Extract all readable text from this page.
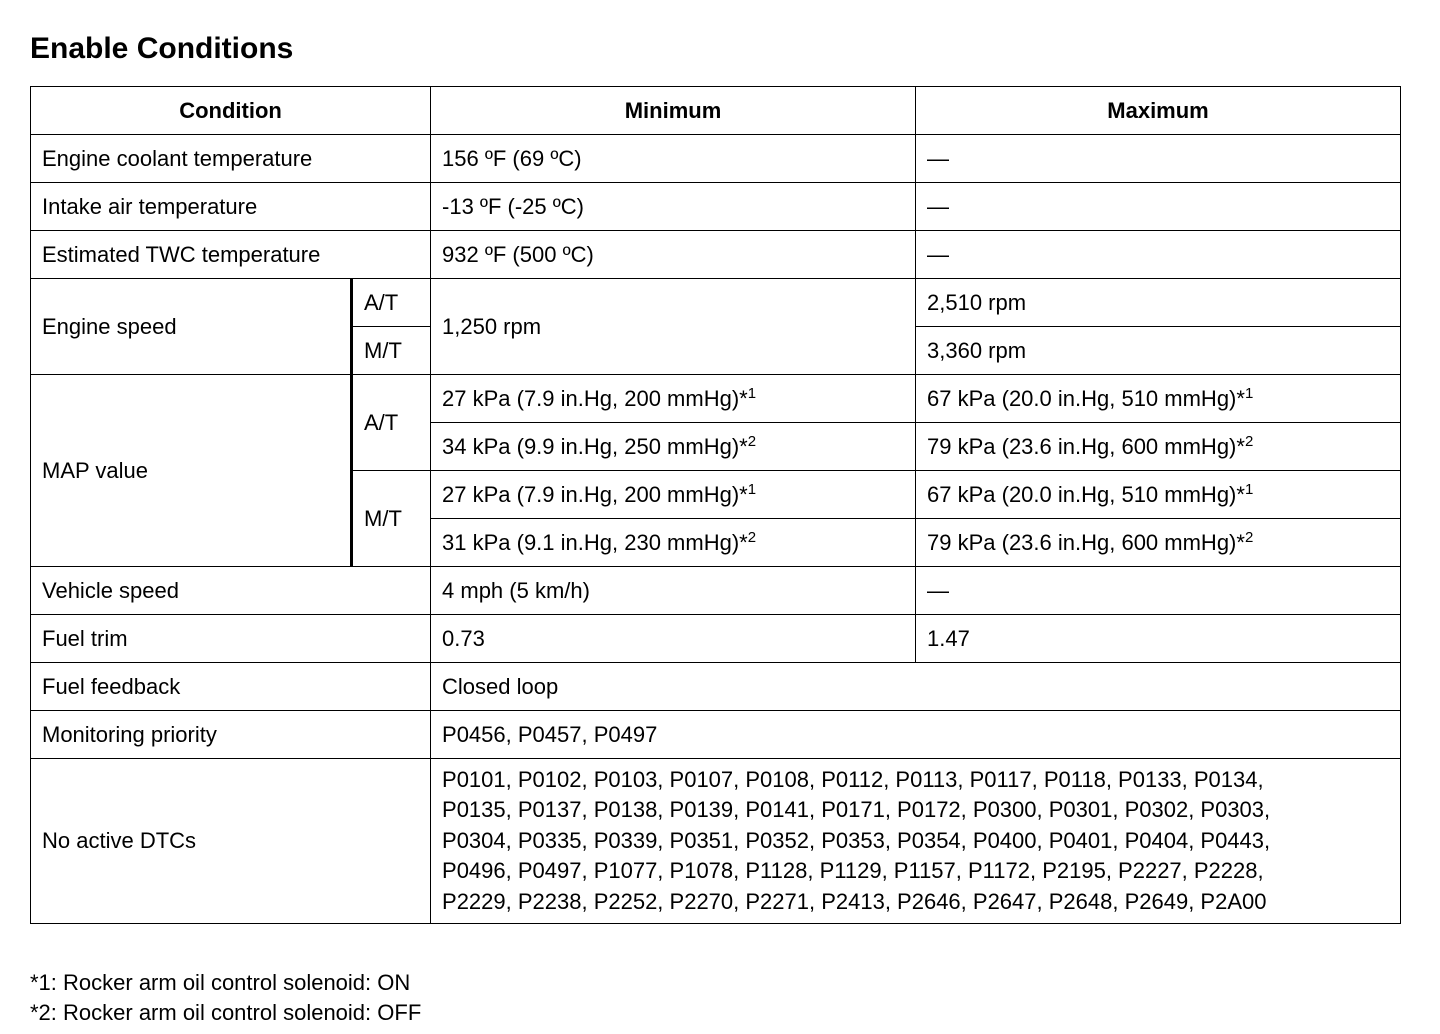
Enable Conditions
Condition		Minimum	Maximum
Engine coolant temperature		156 ºF (69 ºC)	—
Intake air temperature		-13 ºF (-25 ºC)	—
Estimated TWC temperature		932 ºF (500 ºC)	—
Engine speed	A/T	1,250 rpm	2,510 rpm
	M/T		3,360 rpm
MAP value	A/T	27 kPa (7.9 in.Hg, 200 mmHg)*$^1$	67 kPa (20.0 in.Hg, 510 mmHg)*$^1$
		34 kPa (9.9 in.Hg, 250 mmHg)*$^2$	79 kPa (23.6 in.Hg, 600 mmHg)*$^2$
	M/T	27 kPa (7.9 in.Hg, 200 mmHg)*$^1$	67 kPa (20.0 in.Hg, 510 mmHg)*$^1$
		31 kPa (9.1 in.Hg, 230 mmHg)*$^2$	79 kPa (23.6 in.Hg, 600 mmHg)*$^2$
Vehicle speed		4 mph (5 km/h)	—
Fuel trim		0.73	1.47
Fuel feedback		Closed loop	
Monitoring priority		P0456, P0457, P0497	
No active DTCs		P0101, P0102, P0103, P0107, P0108, P0112, P0113, P0117, P0118, P0133, P0134,
P0135, P0137, P0138, P0139, P0141, P0171, P0172, P0300, P0301, P0302, P0303,
P0304, P0335, P0339, P0351, P0352, P0353, P0354, P0400, P0401, P0404, P0443,
P0496, P0497, P1077, P1078, P1128, P1129, P1157, P1172, P2195, P2227, P2228,
P2229, P2238, P2252, P2270, P2271, P2413, P2646, P2647, P2648, P2649, P2A00	

*1: Rocker arm oil control solenoid: ON

*2: Rocker arm oil control solenoid: OFF
